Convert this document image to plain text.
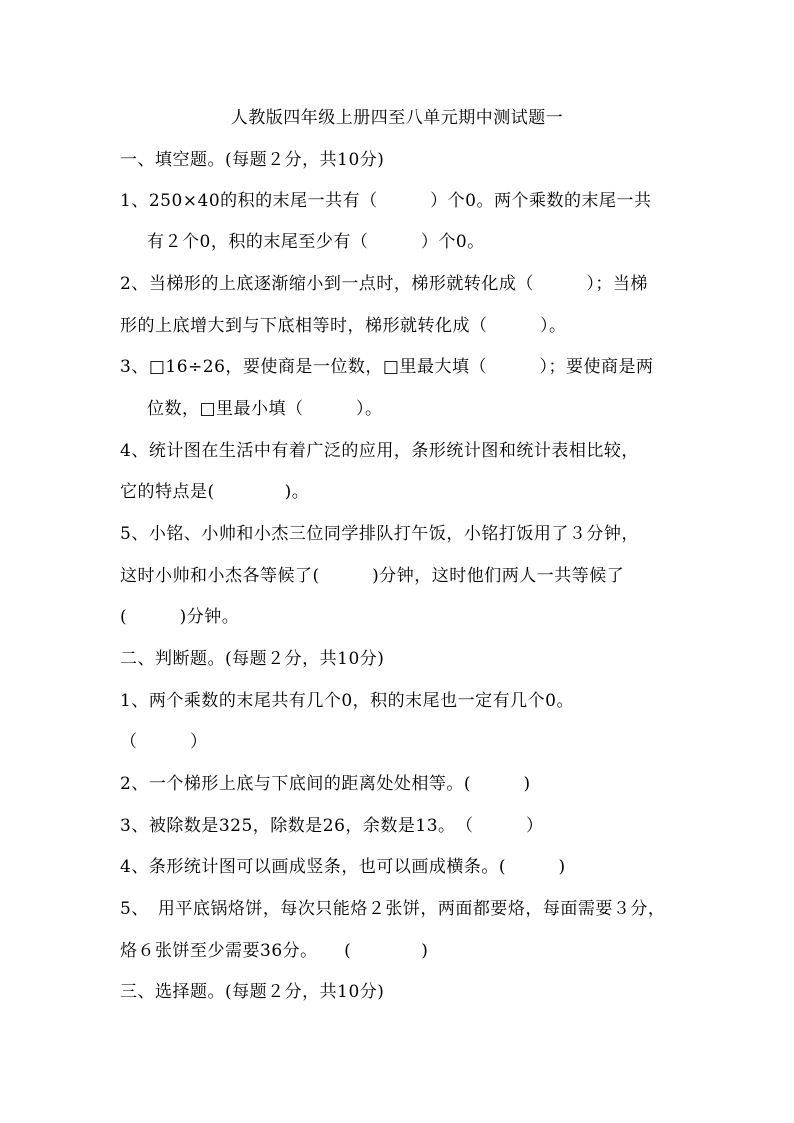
人教版四年级上册四至八单元期中测试题一
一、填空题。(每题２分，共10分)
1、250×40的积的末尾一共有（　　　）个0。两个乘数的末尾一共
有２个0，积的末尾至少有（　　　）个0。
2、当梯形的上底逐渐缩小到一点时，梯形就转化成（　　　）；当梯
形的上底增大到与下底相等时，梯形就转化成（　　　）。
3、□16÷26，要使商是一位数，□里最大填（　　　）；要使商是两
位数，□里最小填（　　　）。
4、统计图在生活中有着广泛的应用，条形统计图和统计表相比较，
它的特点是(　　　　)。
5、小铭、小帅和小杰三位同学排队打午饭，小铭打饭用了３分钟，
这时小帅和小杰各等候了(　　　)分钟，这时他们两人一共等候了
(　　　)分钟。
二、判断题。(每题２分，共10分)
1、两个乘数的末尾共有几个0，积的末尾也一定有几个0。
（　　　）
2、一个梯形上底与下底间的距离处处相等。(　　　)
3、被除数是325，除数是26，余数是13。　（　　　）
4、条形统计图可以画成竖条，也可以画成横条。(　　　)
5、　用平底锅烙饼，每次只能烙２张饼，两面都要烙，每面需要３分，
烙６张饼至少需要36分。　　(　　　　)
三、选择题。(每题２分，共10分)
